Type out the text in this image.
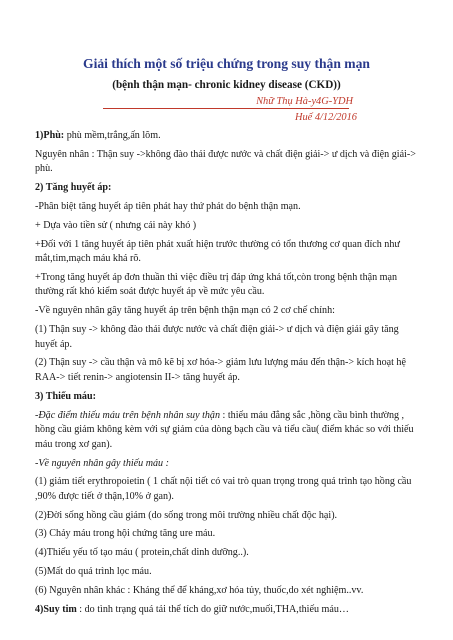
Giải thích một số triệu chứng trong suy thận mạn
(bệnh thận mạn- chronic kidney disease (CKD))
Nhữ Thụ Hà-y4G-YDH
Huế 4/12/2016

1)Phù: phù mềm,trắng,ấn lõm.

Nguyên nhân : Thận suy ->không đào thải được nước và chất điện giải-> ư dịch và điện giải-> phù.

2) Tăng huyết áp:

-Phân biệt tăng huyết áp tiên phát hay thứ phát do bệnh thận mạn.

+ Dựa vào tiền sử ( nhưng cái này khó )

+Đối với 1 tăng huyết áp tiên phát xuất hiện trước thường có tổn thương cơ quan đích như mắt,tim,mạch máu khá rõ.

+Trong tăng huyết áp đơn thuần thì việc điều trị đáp ứng khá tốt,còn trong bệnh thận mạn thường rất khó kiểm soát được huyết áp về mức yêu cầu.

-Về nguyên nhân gây tăng huyết áp trên bệnh thận mạn có 2 cơ chế chính:

(1) Thận suy -> không đào thải được nước và chất điện giải-> ư dịch và điện giải gây tăng huyết áp.

(2) Thận suy -> cầu thận và mô kẽ bị xơ hóa-> giảm lưu lượng máu đến thận-> kích hoạt hệ RAA-> tiết renin-> angiotensin II-> tăng huyết áp.

3) Thiếu máu:

-Đặc điểm thiếu máu trên bệnh nhân suy thận : thiếu máu đẳng sắc ,hồng cầu bình thường , hồng cầu giảm không kèm với sự giảm của dòng bạch cầu và tiểu cầu( điểm khác so với thiếu máu trong xơ gan).

-Về nguyên nhân gây thiếu máu :

(1) giảm tiết erythropoietin ( 1 chất nội tiết có vai trò quan trọng trong quá trình tạo hồng cầu ,90% được tiết ở thận,10% ở gan).

(2)Đời sống hồng cầu giảm (do sống trong môi trường nhiều chất độc hại).

(3) Chảy máu trong hội chứng tăng ure máu.

(4)Thiếu yếu tố tạo máu ( protein,chất dinh dưỡng..).

(5)Mất do quá trình lọc máu.

(6) Nguyên nhân khác : Kháng thể để kháng,xơ hóa tủy, thuốc,do xét nghiệm..vv.

4)Suy tim : do tình trạng quá tải thể tích do giữ nước,muối,THA,thiếu máu…
